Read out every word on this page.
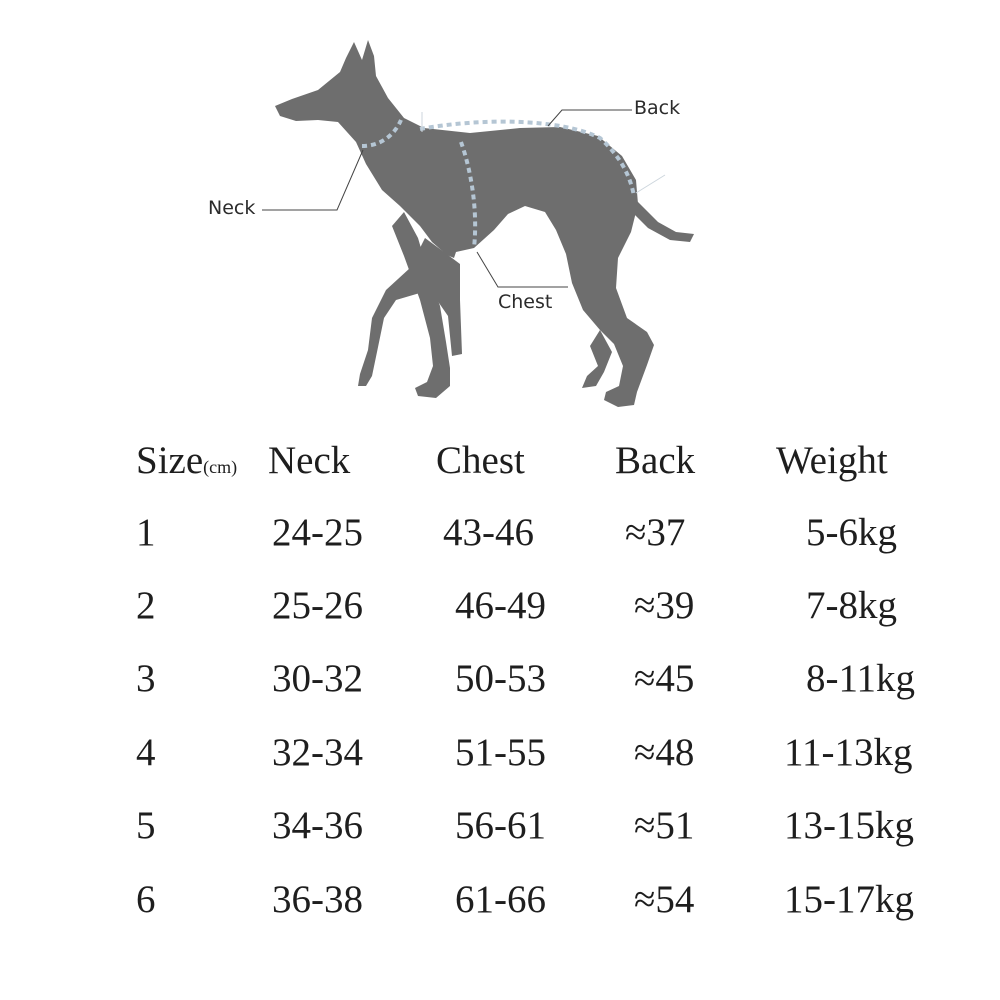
Back
Neck
Chest
Size(cm) Neck Chest Back Weight
1	24-25 43-46 ≈37	5-6kg
2	25-26 46-49 ≈39	7-8kg
3	30-32 50-53 ≈45	8-11kg
4	32-34 51-55 ≈48 11-13kg
5	34-36 56-61 ≈51 13-15kg
6	36-38 61-66 ≈54 15-17kg
